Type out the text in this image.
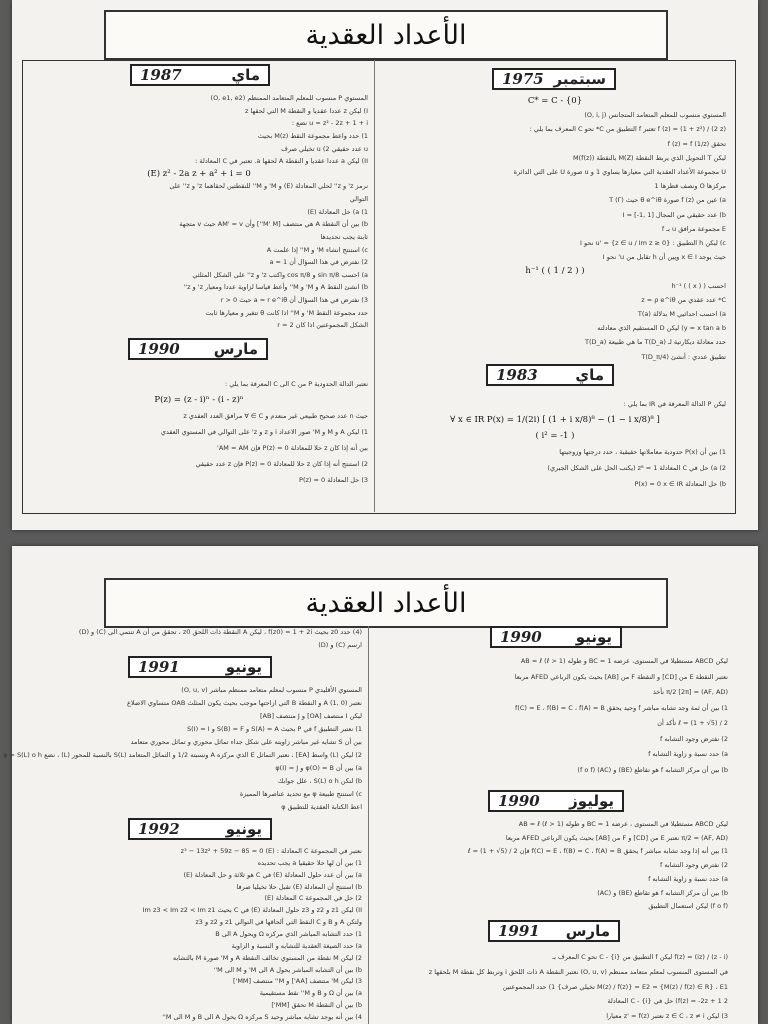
الأعداد العقدية
1975 سبتمبر
C* = C - {0}
المستوي منسوب للمعلم المتعامد المتجانس (O, i, j)
f (z) = (1 + z²) / (2 z) تعتبر f التطبيق من C* نحو C المعرف بما يلي :
تحقق f (z) = f (1/z)
ليكن T التحويل الذي يربط النقطة M(Z) بالنقطة M(f(z))
U مجموعة الأعداد العقدية التي معيارها يساوي 1 و u صورة U على التي الدائرة
مركزها O ونصف قطرها 1
a) عين من (z) f صورة θ e^iθ حيث T (Γ)
b) عدد حقيقي من المجال I = [-1, 1]
E مجموعة مرافق u بـ f
c) ليكن h التطبيق : u' = {z ∈ u / Im z ≥ 0} نحو I
حيث يوجد x ∈ I ويين أن h تقابل من u' نحو I
h⁻¹ ( ( 1 / 2 ) )
احسب h⁻¹ ( ( x ) )
C* عدد عقدي من z = ρ e^iθ
a) احسب احداثيي M بدلالة T(a)
y = x tan a b) ليكن D المستقيم الذي معادلته
حدد معادلة ديكارتية لـ T(D_a) ما هي طبيعة T(D_a)
تطبيق عددي : أنشئ T(D_π/4)
1983	ماي
ليكن P الدالة المعرفة في IR بما يلي :
∀ x ∈ IR P(x) = 1/(2i) [ (1 + i x/8)⁸ − (1 − i x/8)⁸ ]
( i² = -1 )
1) بين أن P(x) حدودية معاملاتها حقيقية ، حدد درجتها وزوجيتها
2) a) حل في C المعادلة z⁸ = 1 (يكتب الحل على الشكل الجبري)
b) حل المعادلة P(x) = 0 x ∈ IR
1987	ماي
المستوي P منسوب للمعلم المتعامد الممنظم (O, e1, e2)
I) ليكن z عددا عقديا و النقطة M التي لحقها z
u = z² - 2z + 1 + i نضع :
1) حدد واعط مجموعة النقط M(z) بحيث
u عدد حقيقي u (2 تخيلي صرف
II) ليكن a عددا عقديا و النقطة A لحقها a. تعتبر في C المعادلة :
(E) z² - 2a z + a² + i = 0
نرمز z' و z'' لحلي المعادلة (E) و M' و M'' للنقطتين لحقاهما z' و z'' على
التوالي
1) a) حل المعادلة (E)
b) بين أن النقطة A هي منتصف [M' M''] وأن AM' = v حيث v متجهة
ثابتة يجب تحديدها
c) استنتج انشاء M' و M'' إذا علمت A
2) نفترض في هذا السؤال أن a = 1
a) احسب sin π/8 و cos π/8 واكتب z' و z'' على الشكل المثلثي
b) انشئ النقط A و M' و M'' وأعط قياسا لزاوية عددا ومعيار z' و z''
3) نفترض في هذا السؤال أن a = r e^iθ حيث 0 < r
حدد مجموعة النقط M' و M'' اذا كانت θ تتغير و معيارها ثابت
الشكل المجموعتين اذا كان r = 2
1990 مارس
نعتبر الدالة الحدودية P من C الى C المعرفة بما يلي :
P(z) = (z - i)ⁿ - (i - z)ⁿ
حيث n عدد صحيح طبيعي غير منعدم و Ɐ ∈ C مرافق العدد العقدي z
1) ليكن A و M و M' صور الاعداد i و z و z' على التوالي في المستوي العقدي
بين أنه إذا كان z حلا للمعادلة P(z) = 0 فإن AM = AM'
2) استنتج أنه إذا كان z حلا للمعادلة P(z) = 0 فإن z عدد حقيقي
3) حل المعادلة P(z) = 0
الأعداد العقدية
1990 يونيو
ليكن ABCD مستطيلا في المستوى، عرضه BC = 1 و طوله AB = ℓ (ℓ > 1)
نعتبر النقطة E من [CD] و النقطة F من [AB] بحيث يكون الرباعي AFED مربعا
(AF, AD) = π/2 [2π] نأخذ
1) بين أن ثمة وجد تشابه مباشر f وحيد يحقق f(C) = E ، f(B) = C ، f(A) = B
ℓ = (1 + √5) / 2 تأكد أن
2) نفترض وجود التشابه f
a) حدد نسبة و زاوية التشابه f
b) بين أن مركز التشابه f هو تقاطع (BE) و (AC) (f o f)
1990 يوليوز
ليكن ABCD مستطيلا في المستوى ، عرضه BC = 1 و طوله AB = ℓ (ℓ > 1)
(AF, AD) = π/2 نعتبر E من [CD] و F من [AB] بحيث يكون الرباعي AFED مربعا
1) بين أنه إذا وجد تشابه مباشر f يحقق f(C) = E ، f(B) = C ، f(A) = B فإن ℓ = (1 + √5) / 2
2) نفترض وجود التشابه f
a) حدد نسبة و زاوية التشابه f
b) بين أن مركز التشابه f هو تقاطع (BE) و (AC)
(f o f) ليكن استعمال التطبيق
1991 مارس
f(z) = (iz) / (z - i) ليكن f التطبيق من C - {i} نحو C المعرف بـ
في المستوى المنسوب لمعلم متعامد ممنظم (O, u, v) نعتبر النقطة A ذات اللحق i ونربط كل نقطة M بلحقها z
E2 = {M(z) / f(z) ∈ R} ، E1 = {M(z) / f(z) تخيلي صرف} 1) حدد المجموعتين
f(z) = -2z + 1 2) حل في C - {i} المعادلة
3) ليكن z ∈ C ، z ≠ i نعتبر z' = f(z) معيارا
(4) حدد z0 بحيث f(z0) = 1 + 2i ، ليكن A النقطة ذات اللحق z0 ، تحقق من أن A تنتمي الى (C) و (D)
ارسم (C) و (D)
1991	يونيو
المستوي الأقليدي P منسوب لمعلم متعامد ممنظم مباشر (O, u, v)
نعتبر A (1, 0) و النقطة B التي ازاحتها موجب بحيث يكون المثلث OAB متساوي الاضلاع
ليكن I منتصف [OA] و J منتصف [AB]
1) نعتبر التطبيق f في P بحيث S(A) = A و S(B) = F و S(I) = I
بين أن S تشابه غير مباشر زاويته على شكل جداء تماثل محوري و تماثل محوري متعامد
2) ليكن (L) واسط [EA] ، نعتبر التماثل E الذي مركزه A ونسبته 1/2 و التماثل المتعامد S(L) بالنسبة للمحور (L) ، نضع φ = S(L) o h
a) بين أن φ(O) = B و φ(I) = J
b) لتكن S(L) o h ، علل جوابك
c) استنتج طبيعة φ مع تحديد عناصرها المميزة
اعط الكتابة العقدية للتطبيق φ
1992	يونيو
نعتبر في المجموعة C المعادلة : (E) z³ − 13z² + 59z − 85 = 0
1) بين أن لها حلا حقيقيا a يجب تحديده
a) بين أن عدد حلول المعادلة (E) في C هو ثلاثة و حل المعادلة (E)
b) استنتج أن المعادلة (E) تقبل حلا تخيليا صرفا
2) حل في المجموعة C المعادلة (E)
II) ليكن z1 و z2 و z3 حلول المعادلة (E) في C بحيث Im z3 < Im z2 < Im z1
ولتكن A و B و C النقط التي ألحاقها في التوالي z1 و z2 و z3
1) حدد التشابه المباشر الذي مركزه Ω ويحول A الى B
a) حدد الصيغة العقدية للتشابه و النسبة و الزاوية
2) ليكن M نقطة من المستوي تخالف النقطة A و M' صورة M بالتشابه
b) بين أن التشابه المباشر يحول A الى M' و M الى M''
3) ليكن M' منتصف [AA'] و M'' منتصف [MM']
a) بين أن Ω و B و M'' نقط مستقيمية
b) بين أن النقطة M تحقق [MM']
4) بين أنه يوجد تشابه مباشر وحيد S مركزه Ω يحول A الى B و M الى M''
